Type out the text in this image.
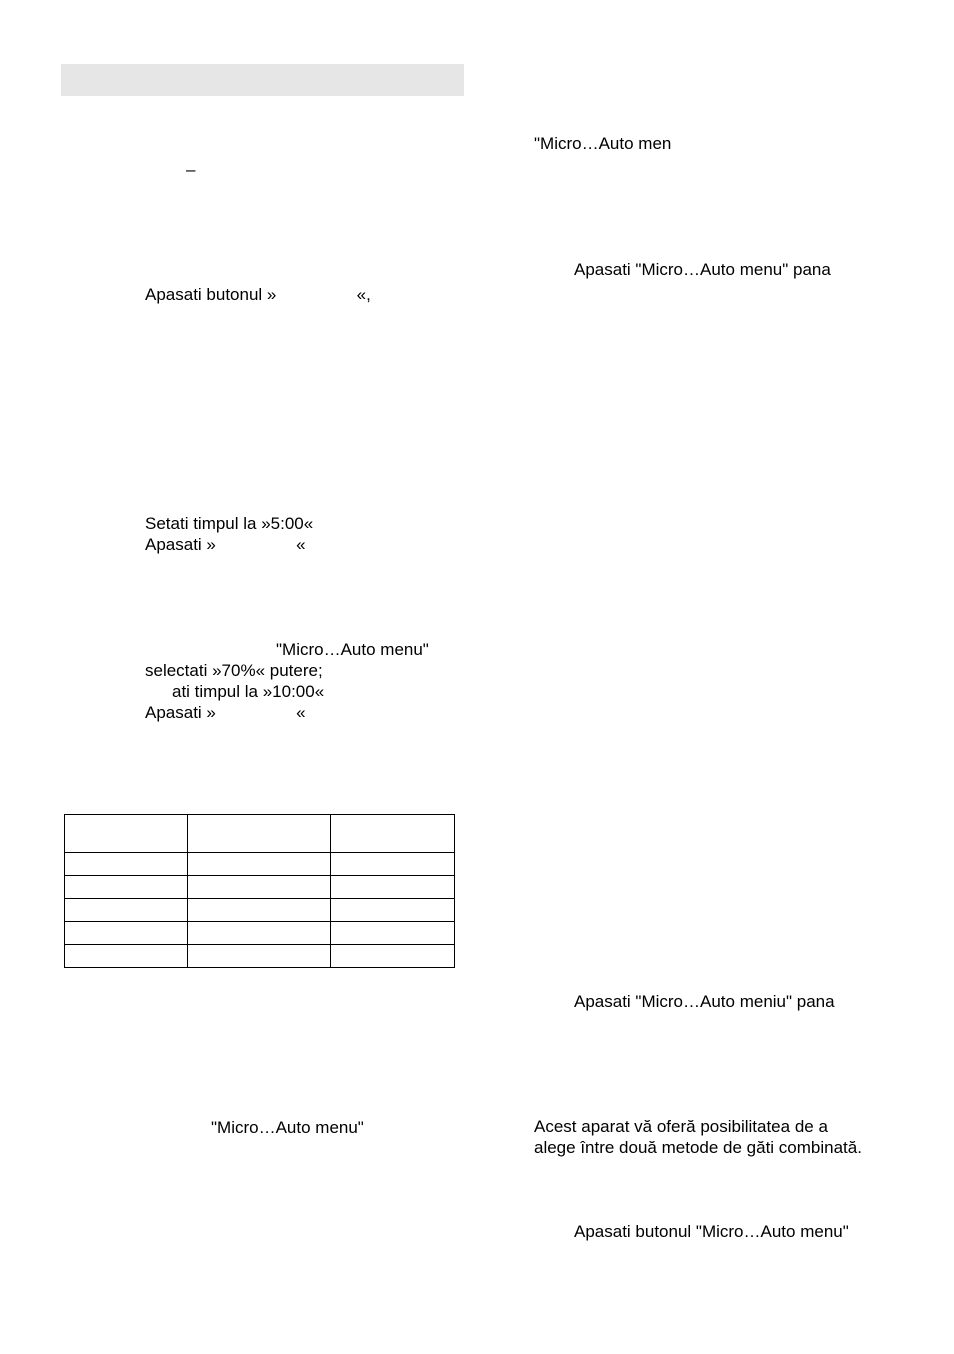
–
Apasati butonul »                 «,
Setati timpul la »5:00«
Apasati »                 «
"Micro…Auto menu"
selectati »70%« putere;
ati timpul la »10:00«
Apasati »                 «

"Micro…Auto menu"
"Micro…Auto men
Apasati "Micro…Auto menu" pana
Apasati "Micro…Auto meniu" pana
Acest aparat vă oferă posibilitatea de a alege între două metode de găti combinată.
Apasati butonul "Micro…Auto menu"
